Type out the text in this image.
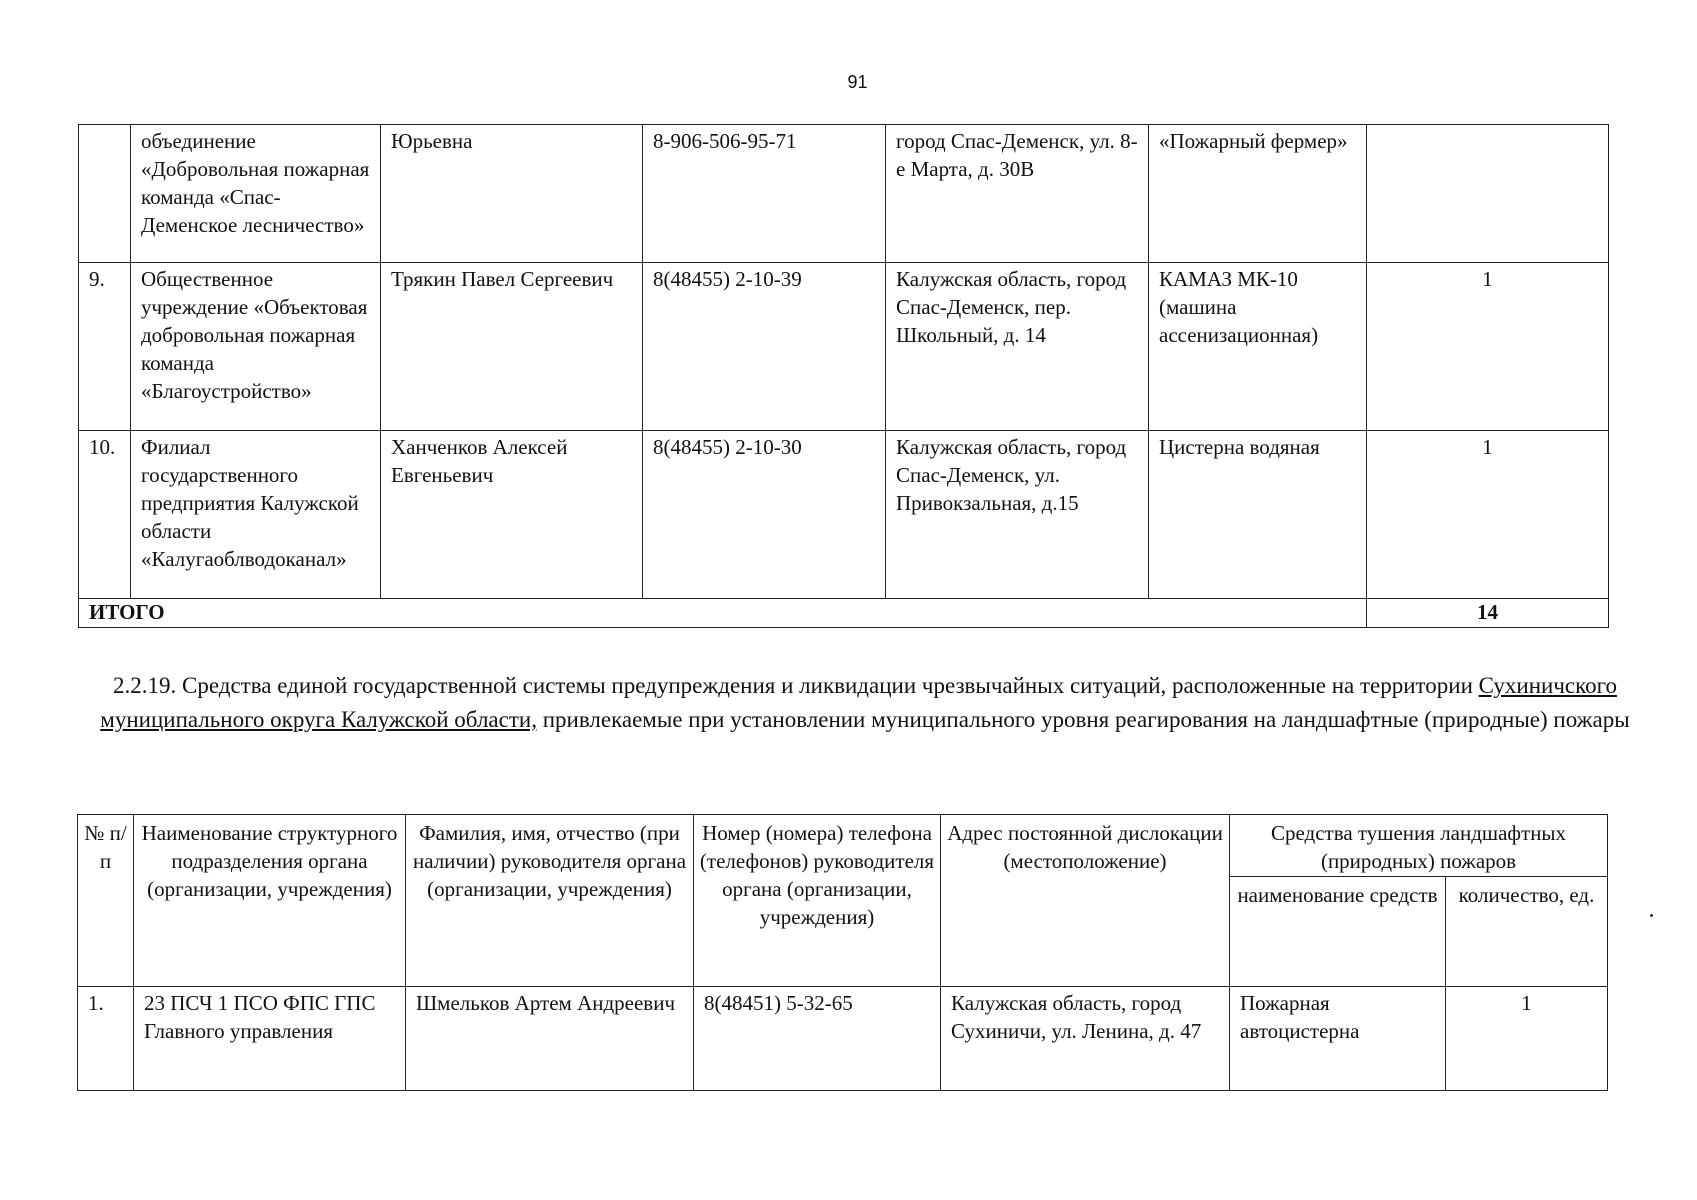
91
	объединение «Добровольная пожарная команда «Спас-Деменское лесничество»	Юрьевна	8-906-506-95-71	город Спас-Деменск, ул. 8-е Марта, д. 30В	«Пожарный фермер»	
9.	Общественное учреждение «Объектовая добровольная пожарная команда «Благоустройство»	Трякин Павел Сергеевич	8(48455) 2-10-39	Калужская область, город Спас-Деменск, пер. Школьный, д. 14	КАМАЗ МК-10 (машина ассенизационная)	1
10.	Филиал государственного предприятия Калужской области «Калугаоблводоканал»	Ханченков Алексей Евгеньевич	8(48455) 2-10-30	Калужская область, город Спас-Деменск, ул. Привокзальная, д.15	Цистерна водяная	1
ИТОГО						14
2.2.19. Средства единой государственной системы предупреждения и ликвидации чрезвычайных ситуаций, расположенные на территории Сухиничского муниципального округа Калужской области, привлекаемые при установлении муниципального уровня реагирования на ландшафтные (природные) пожары
№ п/п	Наименование структурного подразделения органа (организации, учреждения)	Фамилия, имя, отчество (при наличии) руководителя органа (организации, учреждения)	Номер (номера) телефона (телефонов) руководителя органа (организации, учреждения)	Адрес постоянной дислокации (местоположение)	Средства тушения ландшафтных (природных) пожаров	
					наименование средств	количество, ед.
1.	23 ПСЧ 1 ПСО ФПС ГПС Главного управления	Шмельков Артем Андреевич	8(48451) 5-32-65	Калужская область, город Сухиничи, ул. Ленина, д. 47	Пожарная автоцистерна	1
